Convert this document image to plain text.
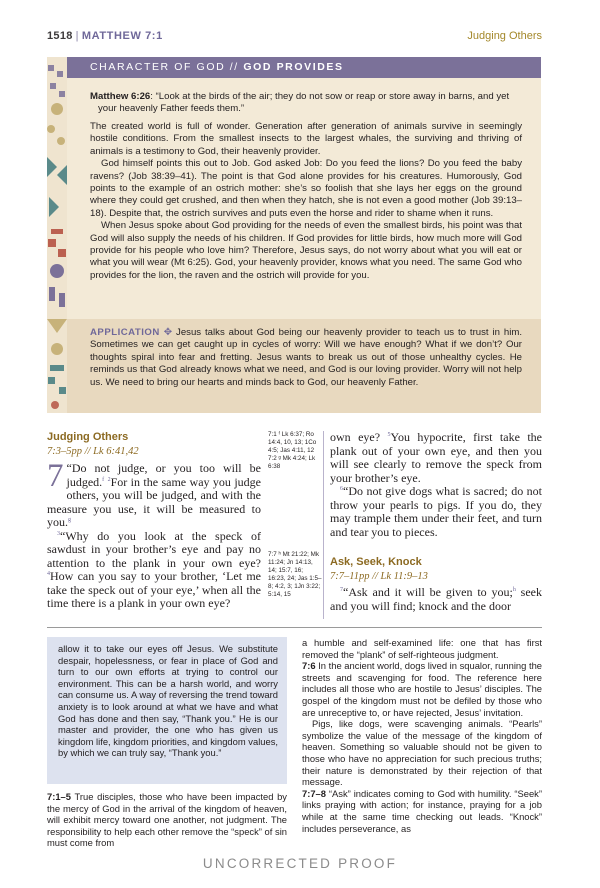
1518 | MATTHEW 7:1	Judging Others
CHARACTER OF GOD // GOD PROVIDES
Matthew 6:26: “Look at the birds of the air; they do not sow or reap or store away in barns, and yet your heavenly Father feeds them.”

The created world is full of wonder. Generation after generation of animals survive in seemingly hostile conditions. From the smallest insects to the largest whales, the surviving and thriving of animals is a testimony to God, their heavenly provider.

God himself points this out to Job. God asked Job: Do you feed the lions? Do you feed the baby ravens? (Job 38:39–41). The point is that God alone provides for his creatures. Humorously, God points to the example of an ostrich mother: she’s so foolish that she lays her eggs on the ground where they could get crushed, and then when they hatch, she is not even a good mother (Job 39:13–18). Despite that, the ostrich survives and puts even the horse and rider to shame when it runs.

When Jesus spoke about God providing for the needs of even the smallest birds, his point was that God will also supply the needs of his children. If God provides for little birds, how much more will God provide for his people who love him? Therefore, Jesus says, do not worry about what you will eat or what you will wear (Mt 6:25). God, your heavenly provider, knows what you need. The same God who provides for the lion, the raven and the ostrich will provide for you.

APPLICATION ✥ Jesus talks about God being our heavenly provider to teach us to trust in him. Sometimes we can get caught up in cycles of worry: Will we have enough? What if we don’t? Our thoughts spiral into fear and fretting. Jesus wants to break us out of those unhealthy cycles. He reminds us that God already knows what we need, and God is our loving provider. Worry will not help us. We need to bring our hearts and minds back to God, our heavenly Father.
Judging Others
7:3–5pp // Lk 6:41,42

7 “Do not judge, or you too will be judged.$^f$ $^2$For in the same way you judge others, you will be judged, and with the measure you use, it will be measured to you.$^g$

$^3$“Why do you look at the speck of sawdust in your brother’s eye and pay no attention to the plank in your own eye? $^4$How can you say to your brother, ‘Let me take the speck out of your eye,’ when all the time there is a plank in your own eye?

7:1 ᶠ Lk 6:37; Ro 14:4, 10, 13; 1Co 4:5; Jas 4:11, 12 7:2 ᵍ Mk 4:24; Lk 6:38

7:7 ʰ Mt 21:22; Mk 11:24; Jn 14:13, 14; 15:7, 16; 16:23, 24; Jas 1:5–8; 4:2, 3; 1Jn 3:22; 5:14, 15

own eye? $^5$You hypocrite, first take the plank out of your own eye, and then you will see clearly to remove the speck from your brother’s eye.

$^6$“Do not give dogs what is sacred; do not throw your pearls to pigs. If you do, they may trample them under their feet, and turn and tear you to pieces.

Ask, Seek, Knock
7:7–11pp // Lk 11:9–13
$^7$“Ask and it will be given to you;$^h$ seek and you will find; knock and the door
allow it to take our eyes off Jesus. We substitute despair, hopelessness, or fear in place of God and turn to our own efforts at trying to control our environment. This can be a harsh world, and worry can consume us. A way of reversing the trend toward anxiety is to look around at what we have and what God has done and then say, “Thank you.” He is our master and provider, the one who has given us kingdom life, kingdom priorities, and kingdom values, by which we can truly say, “Thank you.”

7:1–5 True disciples, those who have been impacted by the mercy of God in the arrival of the kingdom of heaven, will exhibit mercy toward one another, not judgment. The responsibility to help each other remove the “speck” of sin must come from

a humble and self-examined life: one that has first removed the “plank” of self-righteous judgment.

7:6 In the ancient world, dogs lived in squalor, running the streets and scavenging for food. The reference here includes all those who are hostile to Jesus’ disciples. The gospel of the kingdom must not be defiled by those who are unreceptive to, or have rejected, Jesus’ invitation.

Pigs, like dogs, were scavenging animals. “Pearls” symbolize the value of the message of the kingdom of heaven. Something so valuable should not be given to those who have no appreciation for such precious truths; their nature is demonstrated by their rejection of that message.

7:7–8 “Ask” indicates coming to God with humility. “Seek” links praying with action; for instance, praying for a job while at the same time checking out leads. “Knock” includes perseverance, as

UNCORRECTED PROOF
